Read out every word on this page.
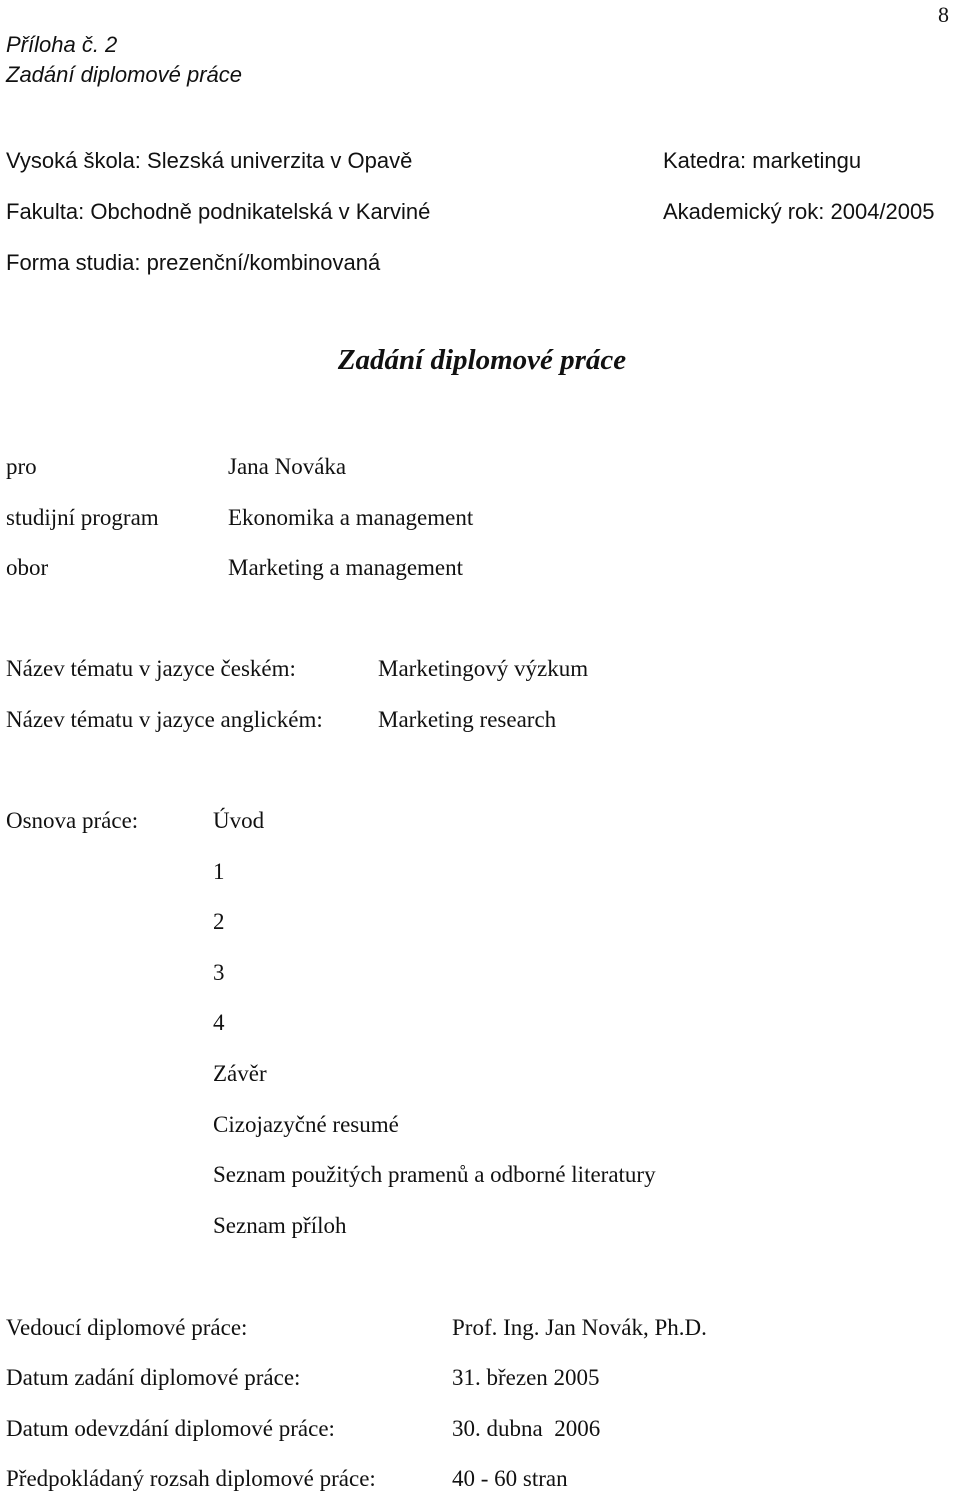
Příloha č. 2
Zadání diplomové práce
8
Vysoká škola: Slezská univerzita v Opavě	Katedra: marketingu
Fakulta: Obchodně podnikatelská v Karviné	Akademický rok: 2004/2005
Forma studia: prezenční/kombinovaná
Zadání diplomové práce
pro	Jana Nováka
studijní program	Ekonomika a management
obor	Marketing a management
Název tématu v jazyce českém:	Marketingový výzkum
Název tématu v jazyce anglickém: Marketing research
Osnova práce:	Úvod
1
2
3
4
Závěr
Cizojazyčné resumé
Seznam použitých pramenů a odborné literatury
Seznam příloh
Vedoucí diplomové práce:	Prof. Ing. Jan Novák, Ph.D.
Datum zadání diplomové práce:	31. březen 2005
Datum odevzdání diplomové práce:	30. dubna  2006
Předpokládaný rozsah diplomové práce:	40 - 60 stran
